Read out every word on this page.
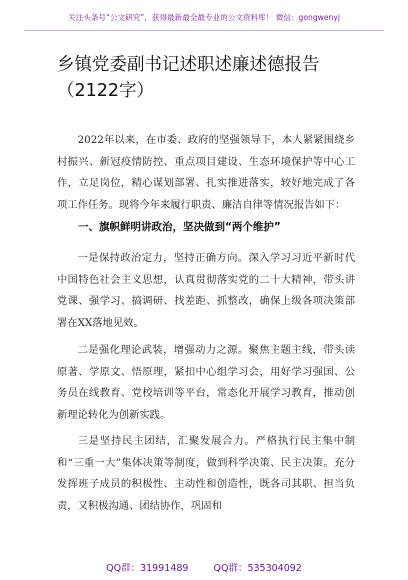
关注头条号“公文研究”，获得最新最全最专业的公文资料库！ 微信：gongwenyj
乡镇党委副书记述职述廉述德报告（2122字）

2022年以来，在市委、政府的坚强领导下，本人紧紧围绕乡村振兴、新冠疫情防控、重点项目建设、生态环境保护等中心工作，立足岗位，精心谋划部署、扎实推进落实，较好地完成了各项工作任务。现将今年来履行职责、廉洁自律等情况报告如下：

一、旗帜鲜明讲政治，坚决做到“两个维护”

一是保持政治定力，坚持正确方向。深入学习习近平新时代中国特色社会主义思想，认真贯彻落实党的二十大精神，带头讲党课、强学习、搞调研、找差距、抓整改，确保上级各项决策部署在XX落地见效。

二是强化理论武装，增强动力之源。聚焦主题主线，带头读原著、学原文、悟原理，紧扣中心组学习会，用好学习强国、公务员在线教育、党校培训等平台，常态化开展学习教育，推动创新理论转化为创新实践。

三是坚持民主团结，汇聚发展合力。严格执行民主集中制和“三重一大”集体决策等制度，做到科学决策、民主决策。充分发挥班子成员的积极性、主动性和创造性，既各司其职、担当负责，又积极沟通、团结协作，巩固和

QQ群：31991489	QQ群：535304092
